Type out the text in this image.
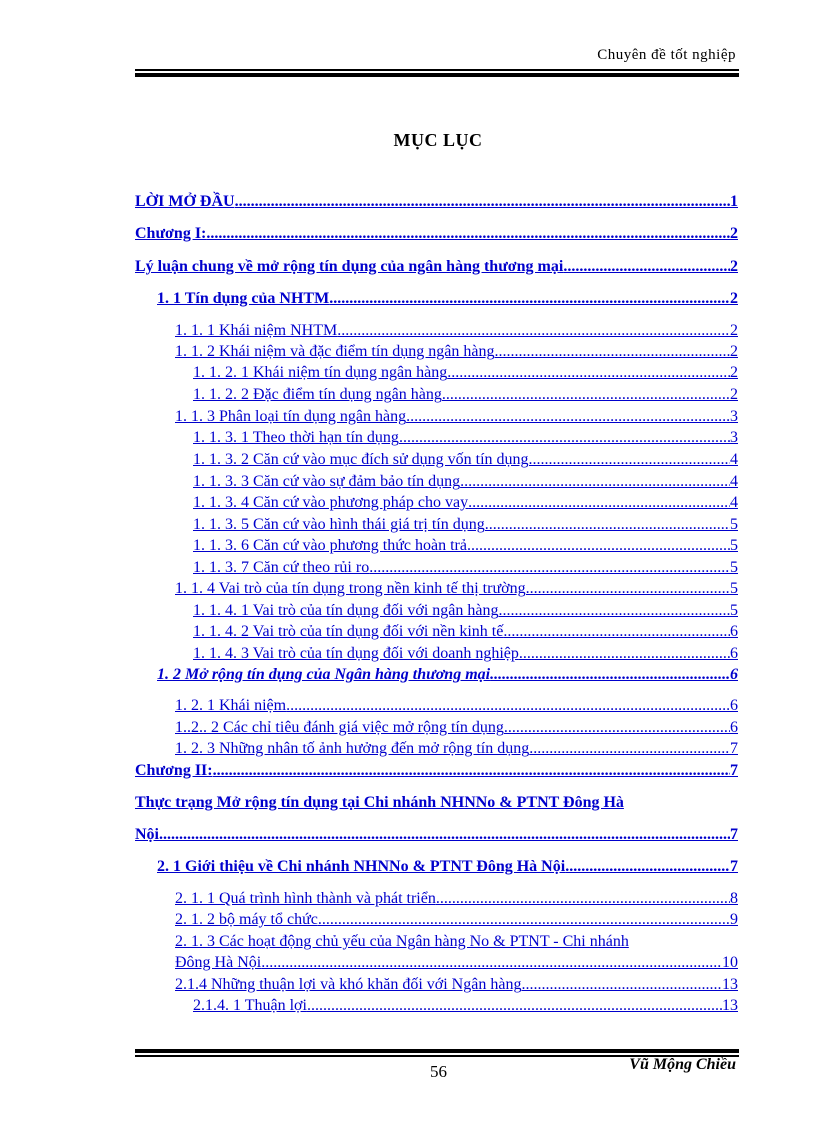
Chuyên đề tốt nghiệp
MỤC LỤC
LỜI MỞ ĐẦU .....	1
Chương I: .....	2
Lý luận chung về mở rộng tín dụng của ngân hàng thương mại .....	2
1. 1 Tín dụng của NHTM .....	2
1. 1. 1 Khái niệm NHTM .....	2
1. 1. 2 Khái niệm và đặc điểm tín dụng ngân hàng .....	2
1. 1. 2. 1 Khái niệm tín dụng ngân hàng .....	2
1. 1. 2. 2 Đặc điểm tín dụng ngân hàng .....	2
1. 1. 3 Phân loại tín dụng ngân hàng .....	3
1. 1. 3. 1 Theo thời hạn tín dụng .....	3
1. 1. 3. 2 Căn cứ vào mục đích sử dụng vốn tín dụng .....	4
1. 1. 3. 3 Căn cứ vào sự đảm bảo tín dụng .....	4
1. 1. 3. 4 Căn cứ vào phương pháp cho vay .....	4
1. 1. 3. 5 Căn cứ vào hình thái giá trị tín dụng .....	5
1. 1. 3. 6 Căn cứ vào phương thức hoàn trả .....	5
1. 1. 3. 7 Căn cứ theo rủi ro .....	5
1. 1. 4 Vai trò của tín dụng trong nền kinh tế thị trường .....	5
1. 1. 4. 1 Vai trò của tín dụng đối với ngân hàng .....	5
1. 1. 4. 2 Vai trò của tín dụng đối với nền kinh tế .....	6
1. 1. 4. 3 Vai trò của tín dụng đối với doanh nghiệp .....	6
1. 2 Mở rộng tín dụng của Ngân hàng thương mại .....	6
1. 2. 1 Khái niệm .....	6
1..2.. 2 Các chỉ tiêu đánh giá việc mở rộng tín dụng .....	6
1. 2. 3 Những nhân tố ảnh hưởng đến mở rộng tín dụng .....	7
Chương II: .....	7
Thực trạng Mở rộng tín dụng tại Chi nhánh NHNNo & PTNT Đông Hà
Nội .....	7
2. 1 Giới thiệu về Chi nhánh NHNNo & PTNT Đông Hà Nội .....	7
2. 1. 1 Quá trình hình thành và phát triển .....	8
2. 1. 2 bộ máy tổ chức .....	9
2. 1. 3 Các hoạt động chủ yếu của Ngân hàng No & PTNT - Chi nhánh
Đông Hà Nội .....	10
2.1.4 Những thuận lợi và khó khăn đối với Ngân hàng .....	13
2.1.4. 1 Thuận lợi .....	13
56	Vũ Mộng Chiều
